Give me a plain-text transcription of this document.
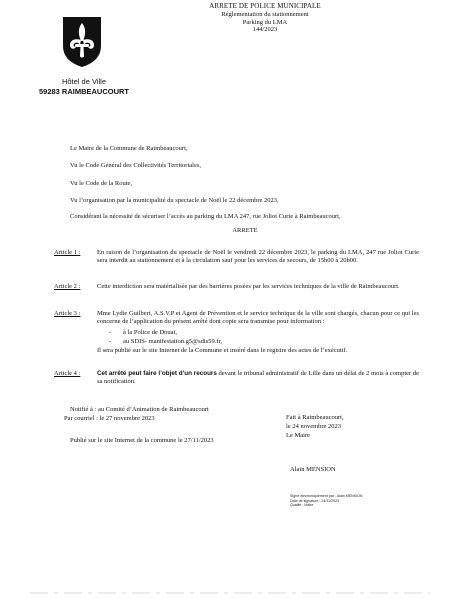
Hôtel de Ville
59283 RAIMBEAUCOURT
ARRETE DE POLICE MUNICIPALE
Réglementation du stationnement
Parking du LMA
144/2023
Le Maire de la Commune de Raimbeaucourt,
Vu le Code Général des Collectivités Territoriales,
Vu le Code de la Route,
Vu l’organisation par la municipalité du spectacle de Noël le 22 décembre 2023,
Considérant la nécessité de sécuriser l’accès au parking du LMA 247, rue Joliot Curie à Raimbeaucourt,
ARRETE
Article 1 :	En raison de l’organisation du spectacle de Noël le vendredi 22 décembre 2023, le parking du LMA, 247 rue Joliot Curie sera interdit au stationnement et à la circulation sauf pour les services de secours, de 15h00 à 20h00.
Article 2 :	Cette interdiction sera matérialisée par des barrières posées par les services techniques de la ville de Raimbeaucourt.
Article 3 :	Mme Lydie Guilbert, A.S.V.P et Agent de Prévention et le service technique de la ville sont chargés, chacun pour ce qui les concerne de l’application du présent arrêté dont copie sera transmise pour information :
-	à la Police de Douai,
-	au SDIS- manifestation.g5@sdis59.fr,
Il sera publié sur le site Internet de la Commune et inséré dans le registre des actes de l’exécutif.
Article 4 :	Cet arrêté peut faire l’objet d’un recours devant le tribunal administratif de Lille dans un délai de 2 mois à compter de sa notification.
Notifié à : au Comité d’Animation de Raimbeaucourt
Par courriel : le 27 novembre 2023
Publié sur le site Internet de la commune le 27/11/2023
Fait à Raimbeaucourt,
le 24 novembre 2023
Le Maire
Alain MENSION
Signé électroniquement par : Alain MENSION
Date de signature : 24/11/2023
Qualité : Maire
